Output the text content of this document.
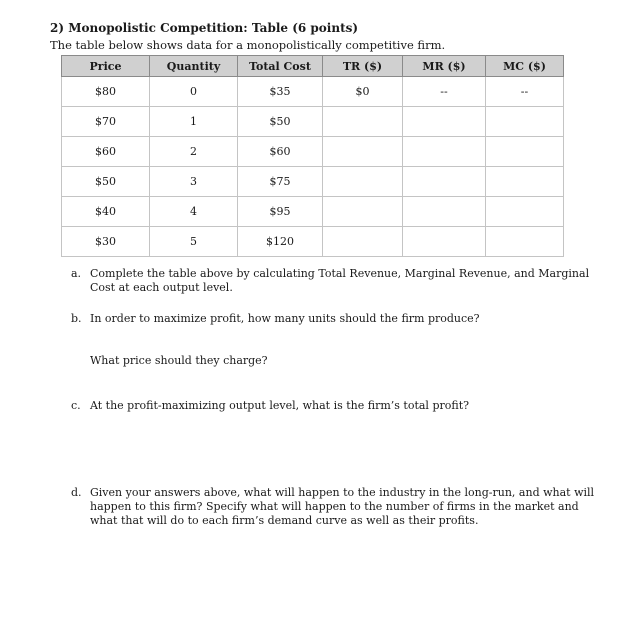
2) Monopolistic Competition: Table (6 points)
The table below shows data for a monopolistically competitive firm.
Price	Quantity	Total Cost	TR ($)	MR ($)	MC ($)
$80	0	$35	$0	--	--
$70	1	$50			
$60	2	$60			
$50	3	$75			
$40	4	$95			
$30	5	$120			
a. Complete the table above by calculating Total Revenue, Marginal Revenue, and Marginal
Cost at each output level.
b. In order to maximize profit, how many units should the firm produce?
What price should they charge?
c. At the profit-maximizing output level, what is the firm’s total profit?
d. Given your answers above, what will happen to the industry in the long-run, and what will
happen to this firm? Specify what will happen to the number of firms in the market and
what that will do to each firm’s demand curve as well as their profits.
